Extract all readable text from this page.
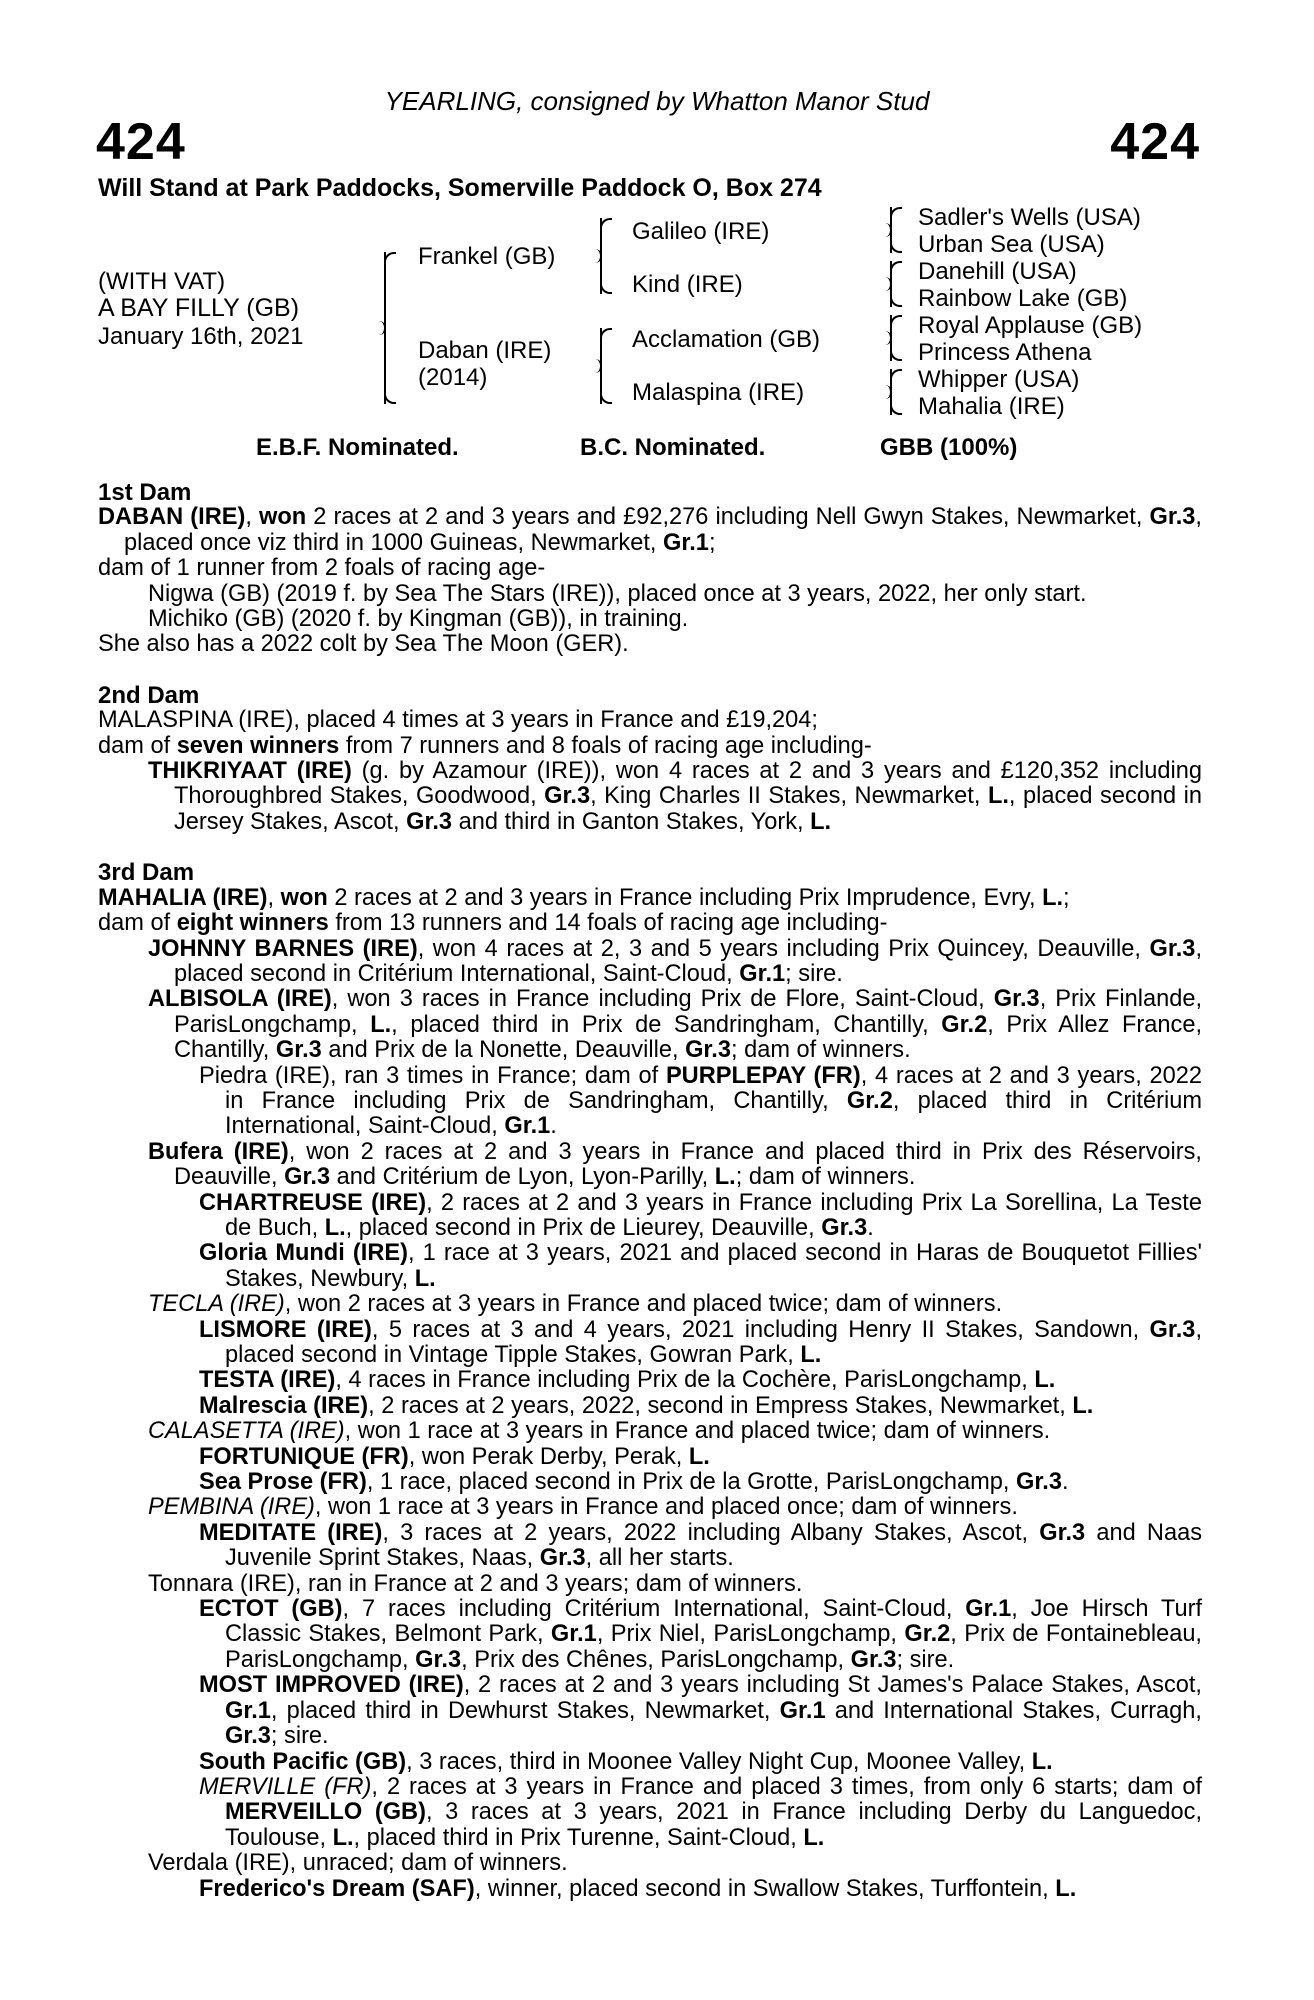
YEARLING, consigned by Whatton Manor Stud
424	424
Will Stand at Park Paddocks, Somerville Paddock O, Box 274
(WITH VAT)
A BAY FILLY (GB)
January 16th, 2021
Frankel (GB)
Daban (IRE)
(2014)
Galileo (IRE)
Kind (IRE)
Acclamation (GB)
Malaspina (IRE)
Sadler's Wells (USA)
Urban Sea (USA)
Danehill (USA)
Rainbow Lake (GB)
Royal Applause (GB)
Princess Athena
Whipper (USA)
Mahalia (IRE)
E.B.F. Nominated.	B.C. Nominated.	GBB (100%)
1st Dam
DABAN (IRE), won 2 races at 2 and 3 years and £92,276 including Nell Gwyn Stakes, Newmarket, Gr.3, placed once viz third in 1000 Guineas, Newmarket, Gr.1;
dam of 1 runner from 2 foals of racing age-
Nigwa (GB) (2019 f. by Sea The Stars (IRE)), placed once at 3 years, 2022, her only start.
Michiko (GB) (2020 f. by Kingman (GB)), in training.
She also has a 2022 colt by Sea The Moon (GER).
2nd Dam
MALASPINA (IRE), placed 4 times at 3 years in France and £19,204;
dam of seven winners from 7 runners and 8 foals of racing age including-
THIKRIYAAT (IRE) (g. by Azamour (IRE)), won 4 races at 2 and 3 years and £120,352 including Thoroughbred Stakes, Goodwood, Gr.3, King Charles II Stakes, Newmarket, L., placed second in Jersey Stakes, Ascot, Gr.3 and third in Ganton Stakes, York, L.
3rd Dam
MAHALIA (IRE), won 2 races at 2 and 3 years in France including Prix Imprudence, Evry, L.;
dam of eight winners from 13 runners and 14 foals of racing age including-
JOHNNY BARNES (IRE), won 4 races at 2, 3 and 5 years including Prix Quincey, Deauville, Gr.3, placed second in Critérium International, Saint-Cloud, Gr.1; sire.
ALBISOLA (IRE), won 3 races in France including Prix de Flore, Saint-Cloud, Gr.3, Prix Finlande, ParisLongchamp, L., placed third in Prix de Sandringham, Chantilly, Gr.2, Prix Allez France, Chantilly, Gr.3 and Prix de la Nonette, Deauville, Gr.3; dam of winners.
Piedra (IRE), ran 3 times in France; dam of PURPLEPAY (FR), 4 races at 2 and 3 years, 2022 in France including Prix de Sandringham, Chantilly, Gr.2, placed third in Critérium International, Saint-Cloud, Gr.1.
Bufera (IRE), won 2 races at 2 and 3 years in France and placed third in Prix des Réservoirs, Deauville, Gr.3 and Critérium de Lyon, Lyon-Parilly, L.; dam of winners.
CHARTREUSE (IRE), 2 races at 2 and 3 years in France including Prix La Sorellina, La Teste de Buch, L., placed second in Prix de Lieurey, Deauville, Gr.3.
Gloria Mundi (IRE), 1 race at 3 years, 2021 and placed second in Haras de Bouquetot Fillies' Stakes, Newbury, L.
TECLA (IRE), won 2 races at 3 years in France and placed twice; dam of winners.
LISMORE (IRE), 5 races at 3 and 4 years, 2021 including Henry II Stakes, Sandown, Gr.3, placed second in Vintage Tipple Stakes, Gowran Park, L.
TESTA (IRE), 4 races in France including Prix de la Cochère, ParisLongchamp, L.
Malrescia (IRE), 2 races at 2 years, 2022, second in Empress Stakes, Newmarket, L.
CALASETTA (IRE), won 1 race at 3 years in France and placed twice; dam of winners.
FORTUNIQUE (FR), won Perak Derby, Perak, L.
Sea Prose (FR), 1 race, placed second in Prix de la Grotte, ParisLongchamp, Gr.3.
PEMBINA (IRE), won 1 race at 3 years in France and placed once; dam of winners.
MEDITATE (IRE), 3 races at 2 years, 2022 including Albany Stakes, Ascot, Gr.3 and Naas Juvenile Sprint Stakes, Naas, Gr.3, all her starts.
Tonnara (IRE), ran in France at 2 and 3 years; dam of winners.
ECTOT (GB), 7 races including Critérium International, Saint-Cloud, Gr.1, Joe Hirsch Turf Classic Stakes, Belmont Park, Gr.1, Prix Niel, ParisLongchamp, Gr.2, Prix de Fontainebleau, ParisLongchamp, Gr.3, Prix des Chênes, ParisLongchamp, Gr.3; sire.
MOST IMPROVED (IRE), 2 races at 2 and 3 years including St James's Palace Stakes, Ascot, Gr.1, placed third in Dewhurst Stakes, Newmarket, Gr.1 and International Stakes, Curragh, Gr.3; sire.
South Pacific (GB), 3 races, third in Moonee Valley Night Cup, Moonee Valley, L.
MERVILLE (FR), 2 races at 3 years in France and placed 3 times, from only 6 starts; dam of MERVEILLO (GB), 3 races at 3 years, 2021 in France including Derby du Languedoc, Toulouse, L., placed third in Prix Turenne, Saint-Cloud, L.
Verdala (IRE), unraced; dam of winners.
Frederico's Dream (SAF), winner, placed second in Swallow Stakes, Turffontein, L.
